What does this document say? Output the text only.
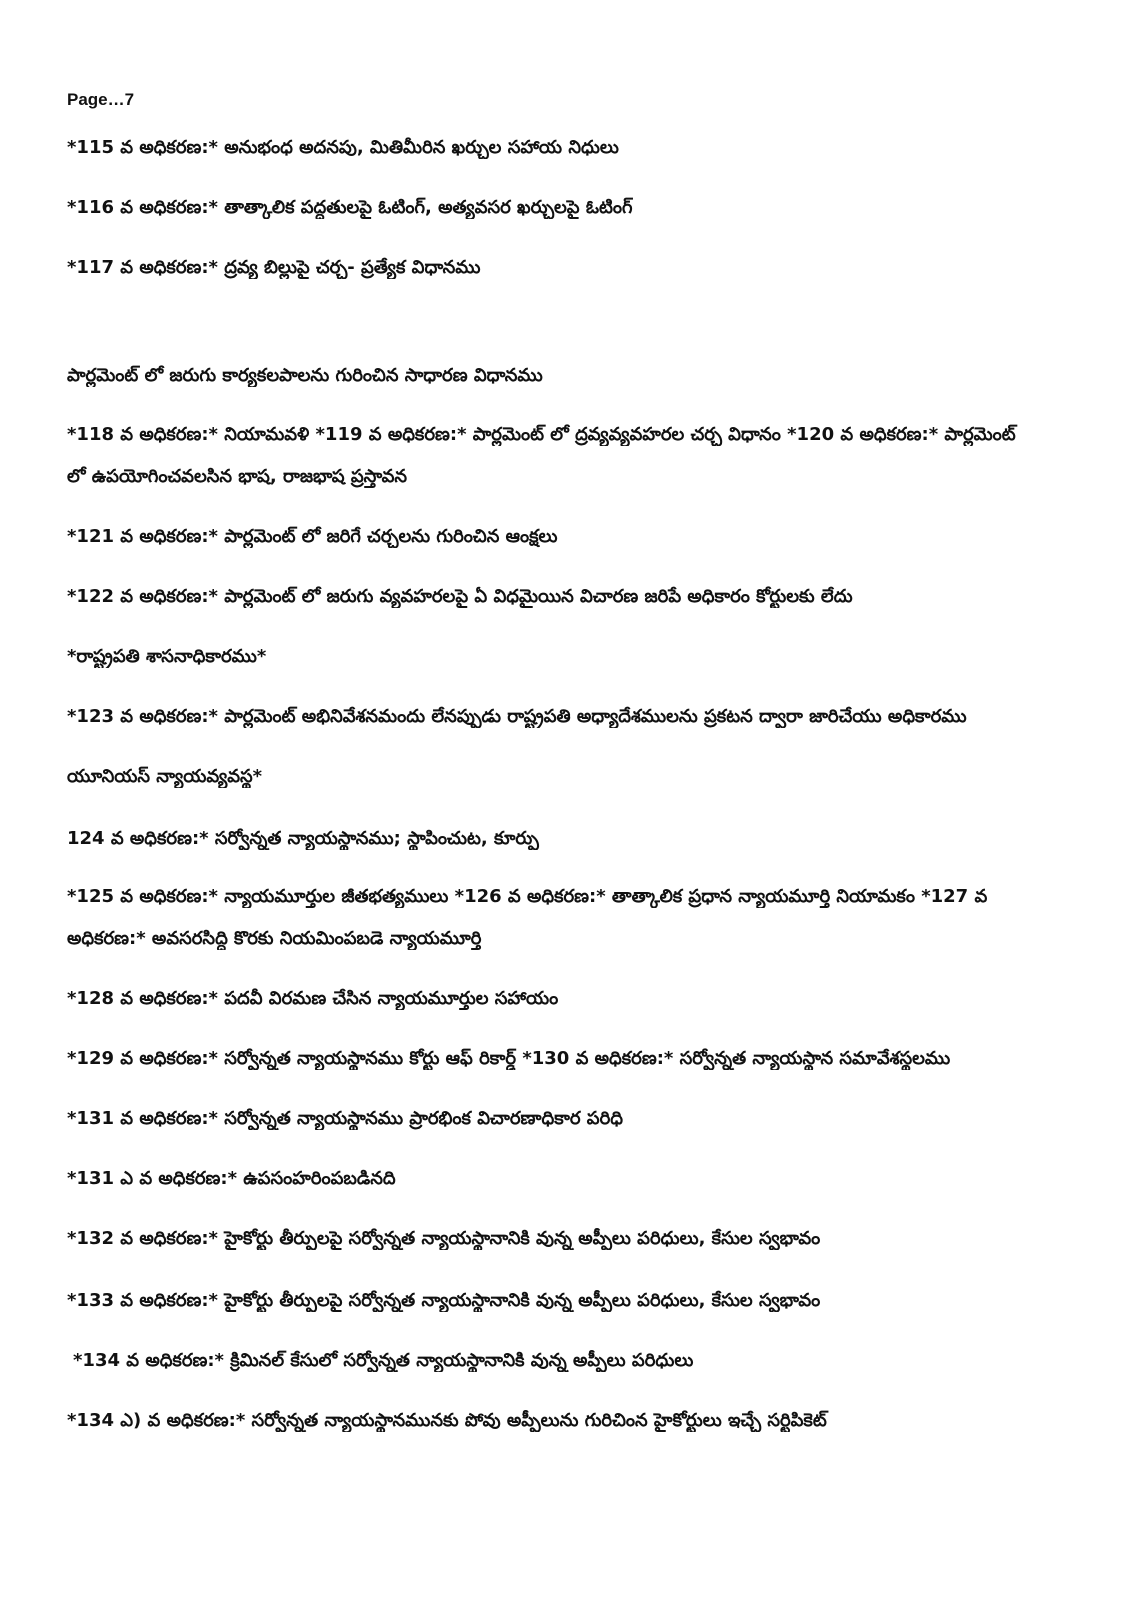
Page…7
*115 వ అధికరణ:* అనుభంధ అదనపు, మితిమీరిన ఖర్చుల సహాయ నిధులు
*116 వ అధికరణ:* తాత్కాలిక పద్ధతులపై ఓటింగ్, అత్యవసర ఖర్చులపై ఓటింగ్
*117 వ అధికరణ:* ద్రవ్య బిల్లుపై చర్చ- ప్రత్యేక విధానము
పార్లమెంట్ లో జరుగు కార్యకలపాలను గురించిన సాధారణ విధానము
*118 వ అధికరణ:* నియామవళి *119 వ అధికరణ:* పార్లమెంట్ లో ద్రవ్యవ్యవహరల చర్చ విధానం *120 వ అధికరణ:* పార్లమెంట్
లో ఉపయోగించవలసిన భాష, రాజభాష ప్రస్తావన
*121 వ అధికరణ:* పార్లమెంట్ లో జరిగే చర్చలను గురించిన ఆంక్షలు
*122 వ అధికరణ:* పార్లమెంట్ లో జరుగు వ్యవహరలపై ఏ విధమైయిన విచారణ జరిపే అధికారం కోర్టులకు లేదు
*రాష్ట్రపతి శాసనాధికారము*
*123 వ అధికరణ:* పార్లమెంట్ అభినివేశనమందు లేనప్పుడు రాష్ట్రపతి అధ్యాదేశములను ప్రకటన ద్వారా జారిచేయు అధికారము
యూనియస్ న్యాయవ్యవస్థ*
124 వ అధికరణ:* సర్వోన్నత న్యాయస్థానము; స్థాపించుట, కూర్పు
*125 వ అధికరణ:* న్యాయమూర్తుల జీతభత్యములు *126 వ అధికరణ:* తాత్కాలిక ప్రధాన న్యాయమూర్తి నియామకం *127 వ
అధికరణ:* అవసరసిద్ధి కొరకు నియమింపబడె న్యాయమూర్తి
*128 వ అధికరణ:* పదవీ విరమణ చేసిన న్యాయమూర్తుల సహాయం
*129 వ అధికరణ:* సర్వోన్నత న్యాయస్థానము కోర్టు ఆఫ్ రికార్డ్ *130 వ అధికరణ:* సర్వోన్నత న్యాయస్థాన సమావేశస్థలము
*131 వ అధికరణ:* సర్వోన్నత న్యాయస్థానము ప్రారభింక విచారణాధికార పరిధి
*131 ఎ వ అధికరణ:* ఉపసంహరింపబడినది
*132 వ అధికరణ:* హైకోర్టు తీర్పులపై సర్వోన్నత న్యాయస్థానానికి వున్న అప్పీలు పరిధులు, కేసుల స్వభావం
*133 వ అధికరణ:* హైకోర్టు తీర్పులపై సర్వోన్నత న్యాయస్థానానికి వున్న అప్పీలు పరిధులు, కేసుల స్వభావం
*134 వ అధికరణ:* క్రిమినల్ కేసులో సర్వోన్నత న్యాయస్థానానికి వున్న అప్పీలు పరిధులు
*134 ఎ) వ అధికరణ:* సర్వోన్నత న్యాయస్థానమునకు పోవు అప్పీలును గురిచింన హైకోర్టులు ఇచ్చే సర్టిపికెట్
